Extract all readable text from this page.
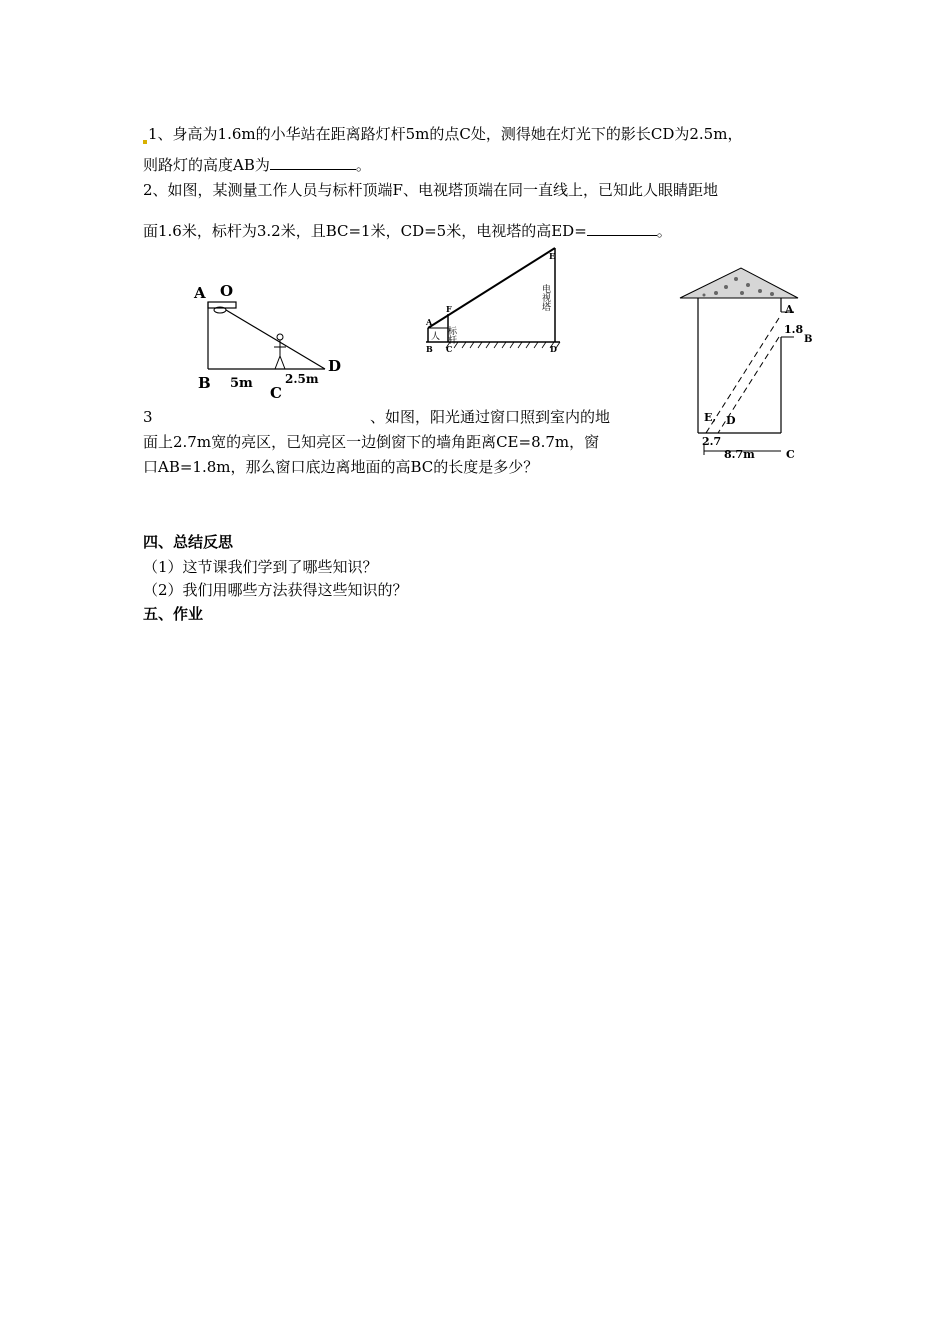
1、身高为1.6m的小华站在距离路灯杆5m的点C处，测得她在灯光下的影长CD为2.5m，
则路灯的高度AB为	。
2、如图，某测量工作人员与标杆顶端F、电视塔顶端在同一直线上，已知此人眼睛距地
面1.6米，标杆为3.2米，且BC=1米，CD=5米，电视塔的高ED=	。
A O
D
B 5m	2.5m
C
A
B C	D
E
F
人 标杆
电视塔	A
1.8
B
E, D
2.7
8.7m	C
3	、如图，阳光通过窗口照到室内的地
面上2.7m宽的亮区，已知亮区一边倒窗下的墙角距离CE=8.7m，窗
口AB=1.8m，那么窗口底边离地面的高BC的长度是多少？
四、总结反思
（1）这节课我们学到了哪些知识？
（2）我们用哪些方法获得这些知识的？
五、作业
